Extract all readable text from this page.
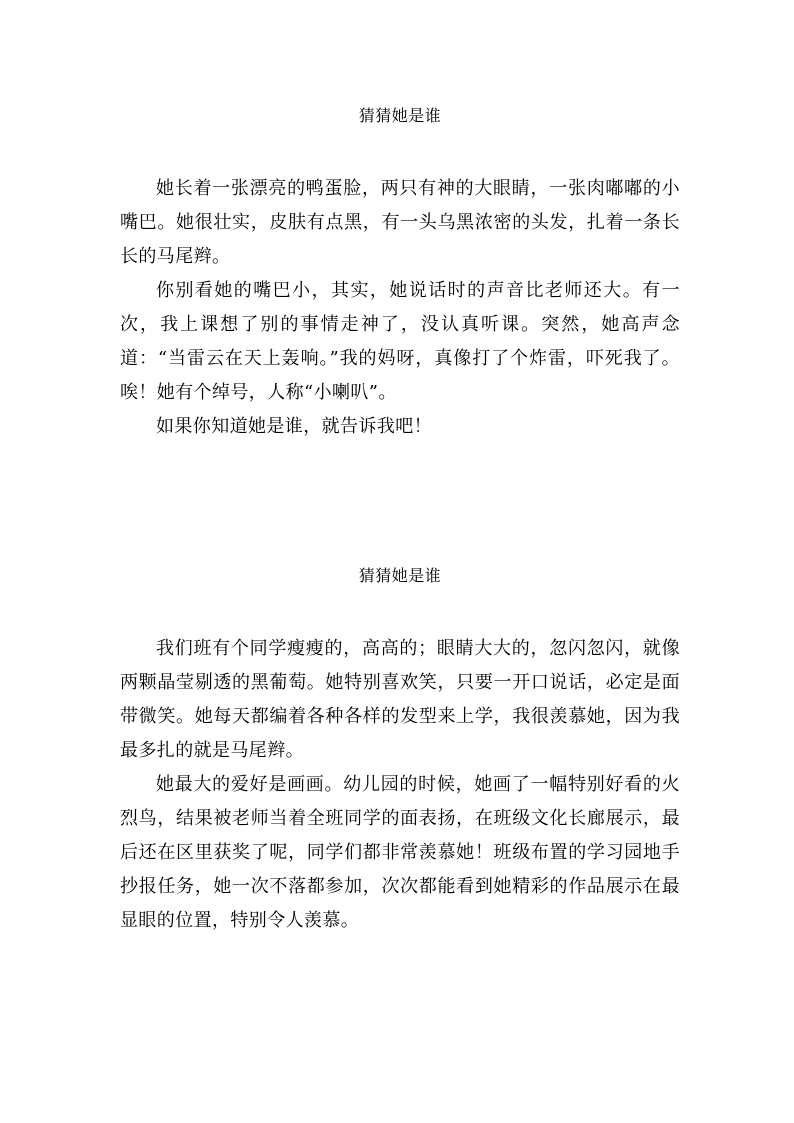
猜猜她是谁

她长着一张漂亮的鸭蛋脸，两只有神的大眼睛，一张肉嘟嘟的小嘴巴。她很壮实，皮肤有点黑，有一头乌黑浓密的头发，扎着一条长长的马尾辫。

你别看她的嘴巴小，其实，她说话时的声音比老师还大。有一次，我上课想了别的事情走神了，没认真听课。突然，她高声念道：“当雷云在天上轰响。”我的妈呀，真像打了个炸雷，吓死我了。唉！她有个绰号，人称“小喇叭”。

如果你知道她是谁，就告诉我吧！

猜猜她是谁

我们班有个同学瘦瘦的，高高的；眼睛大大的，忽闪忽闪，就像两颗晶莹剔透的黑葡萄。她特别喜欢笑，只要一开口说话，必定是面带微笑。她每天都编着各种各样的发型来上学，我很羡慕她，因为我最多扎的就是马尾辫。

她最大的爱好是画画。幼儿园的时候，她画了一幅特别好看的火烈鸟，结果被老师当着全班同学的面表扬，在班级文化长廊展示，最后还在区里获奖了呢，同学们都非常羡慕她！班级布置的学习园地手抄报任务，她一次不落都参加，次次都能看到她精彩的作品展示在最显眼的位置，特别令人羡慕。
